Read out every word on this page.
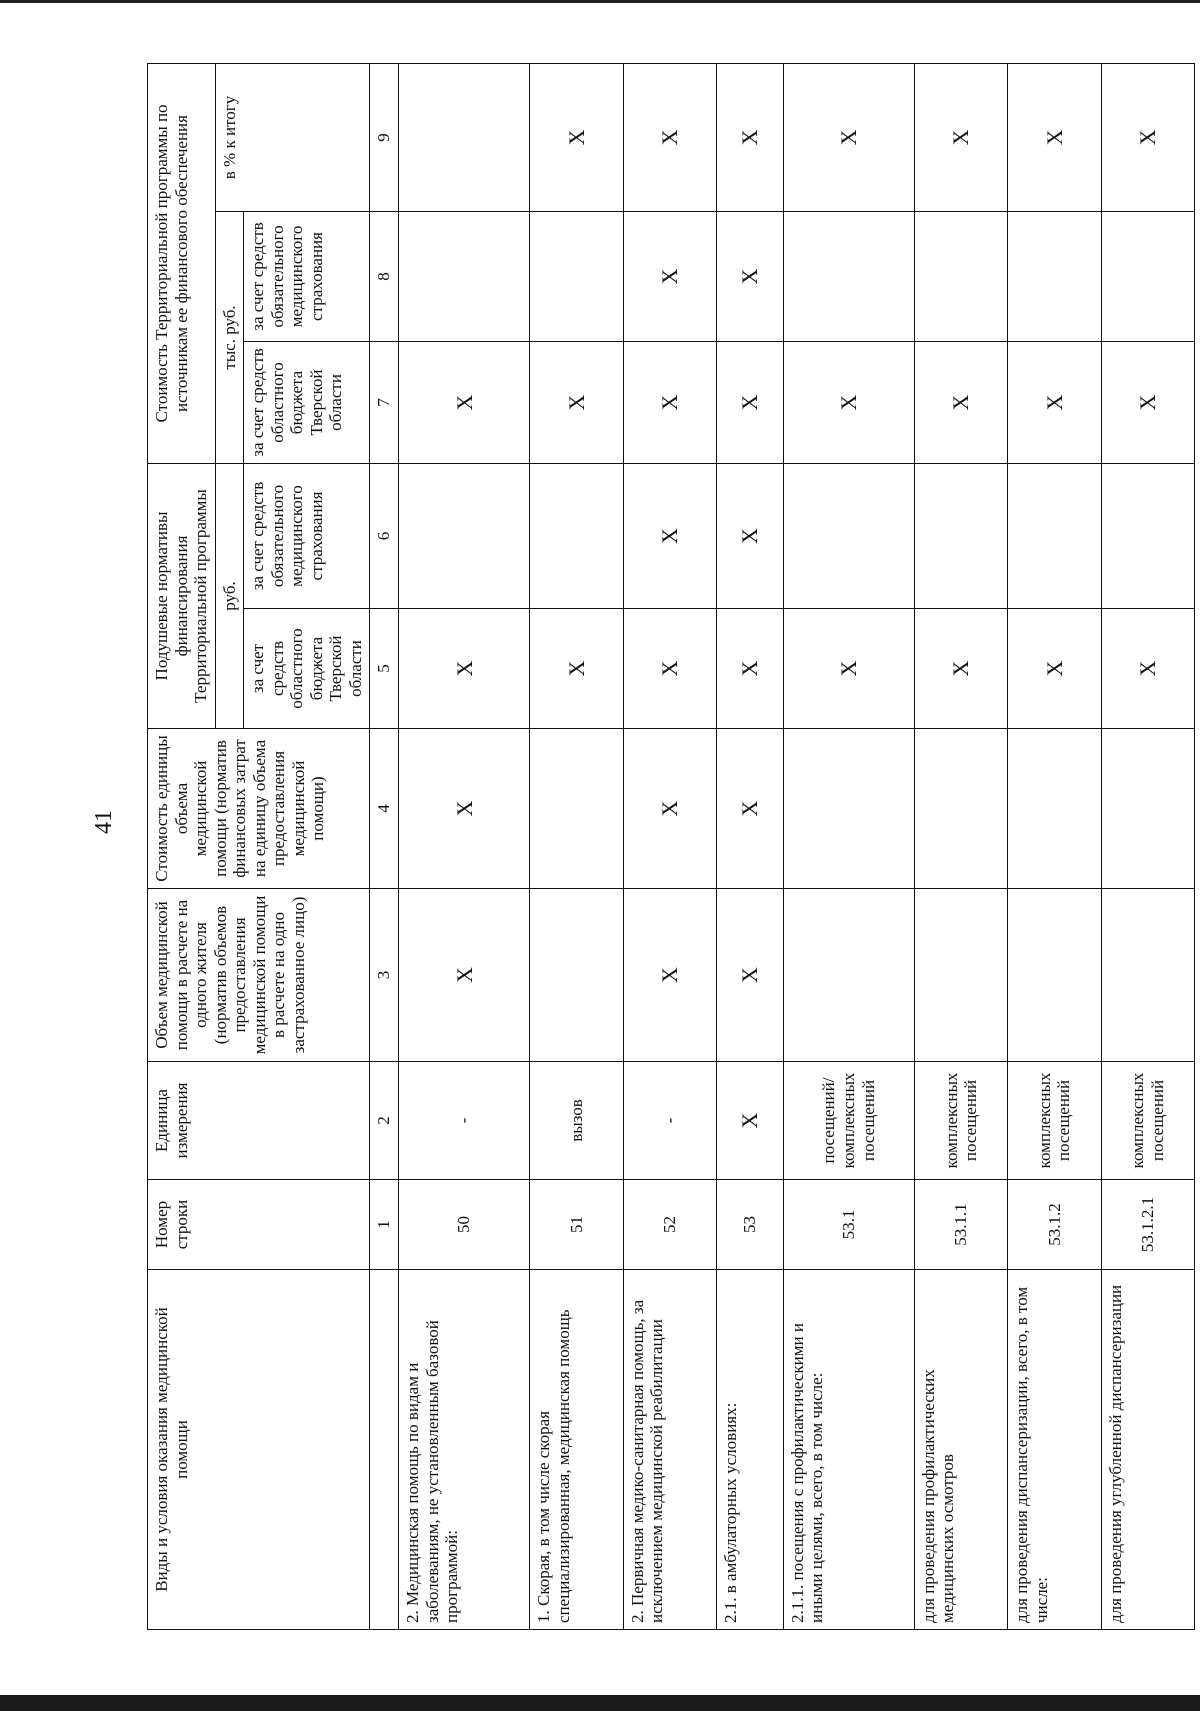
41
Виды и условия оказания медицинской помощи	Номер строки	Единица измерения	Объем медицинской помощи в расчете на одного жителя (норматив объемов предоставления медицинской помощи в расчете на одно застрахованное лицо)	Стоимость единицы объема медицинской помощи (норматив финансовых затрат на единицу объема предоставления медицинской помощи)	Подушевые нормативы финансирования Территориальной программы		Стоимость Территориальной программы по источникам ее финансового обеспечения		
					руб.		тыс. руб.		в % к итогу
					за счет средств областного бюджета Тверской области	за счет средств обязательного медицинского страхования	за счет средств областного бюджета Тверской области	за счет средств обязательного медицинского страхования	
	1	2	3	4	5	6	7	8	9
2. Медицинская помощь по видам и заболеваниям, не установленным базовой программой:	50	-	X	X	X		X		
1. Скорая, в том числе скорая специализированная, медицинская помощь	51	вызов			X		X		X
2. Первичная медико-санитарная помощь, за исключением медицинской реабилитации	52	-	X	X	X	X	X	X	X
2.1. в амбулаторных условиях:	53	X	X	X	X	X	X	X	X
2.1.1. посещения с профилактическими и иными целями, всего, в том числе:	53.1	посещений/ комплексных посещений			X		X		X
для проведения профилактических медицинских осмотров	53.1.1	комплексных посещений			X		X		X
для проведения диспансеризации, всего, в том числе:	53.1.2	комплексных посещений			X		X		X
для проведения углубленной диспансеризации	53.1.2.1	комплексных посещений			X		X		X
